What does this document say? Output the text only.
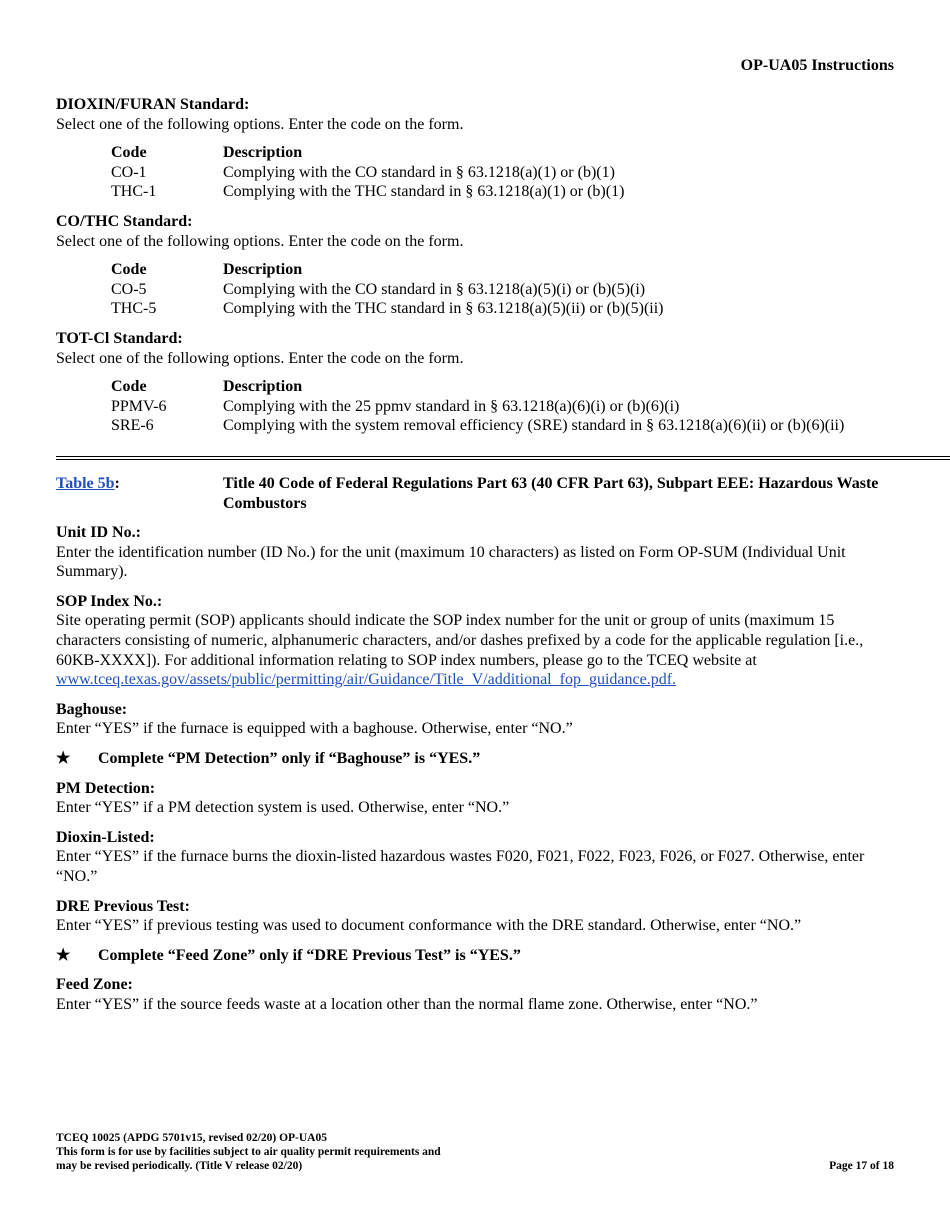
OP-UA05 Instructions
DIOXIN/FURAN Standard:
Select one of the following options. Enter the code on the form.
Code	Description
CO-1	Complying with the CO standard in § 63.1218(a)(1) or (b)(1)
THC-1	Complying with the THC standard in § 63.1218(a)(1) or (b)(1)
CO/THC Standard:
Select one of the following options. Enter the code on the form.
Code	Description
CO-5	Complying with the CO standard in § 63.1218(a)(5)(i) or (b)(5)(i)
THC-5	Complying with the THC standard in § 63.1218(a)(5)(ii) or (b)(5)(ii)
TOT-Cl Standard:
Select one of the following options. Enter the code on the form.
Code	Description
PPMV-6	Complying with the 25 ppmv standard in § 63.1218(a)(6)(i) or (b)(6)(i)
SRE-6	Complying with the system removal efficiency (SRE) standard in § 63.1218(a)(6)(ii) or (b)(6)(ii)
Table 5b:	Title 40 Code of Federal Regulations Part 63 (40 CFR Part 63), Subpart EEE: Hazardous Waste Combustors
Unit ID No.:
Enter the identification number (ID No.) for the unit (maximum 10 characters) as listed on Form OP-SUM (Individual Unit Summary).
SOP Index No.:
Site operating permit (SOP) applicants should indicate the SOP index number for the unit or group of units (maximum 15 characters consisting of numeric, alphanumeric characters, and/or dashes prefixed by a code for the applicable regulation [i.e., 60KB-XXXX]). For additional information relating to SOP index numbers, please go to the TCEQ website at www.tceq.texas.gov/assets/public/permitting/air/Guidance/Title_V/additional_fop_guidance.pdf.
Baghouse:
Enter “YES” if the furnace is equipped with a baghouse. Otherwise, enter “NO.”
★	Complete “PM Detection” only if “Baghouse” is “YES.”
PM Detection:
Enter “YES” if a PM detection system is used. Otherwise, enter “NO.”
Dioxin-Listed:
Enter “YES” if the furnace burns the dioxin-listed hazardous wastes F020, F021, F022, F023, F026, or F027. Otherwise, enter “NO.”
DRE Previous Test:
Enter “YES” if previous testing was used to document conformance with the DRE standard. Otherwise, enter “NO.”
★	Complete “Feed Zone” only if “DRE Previous Test” is “YES.”
Feed Zone:
Enter “YES” if the source feeds waste at a location other than the normal flame zone. Otherwise, enter “NO.”
TCEQ 10025 (APDG 5701v15, revised 02/20) OP-UA05
This form is for use by facilities subject to air quality permit requirements and
may be revised periodically. (Title V release 02/20)	Page 17 of 18
